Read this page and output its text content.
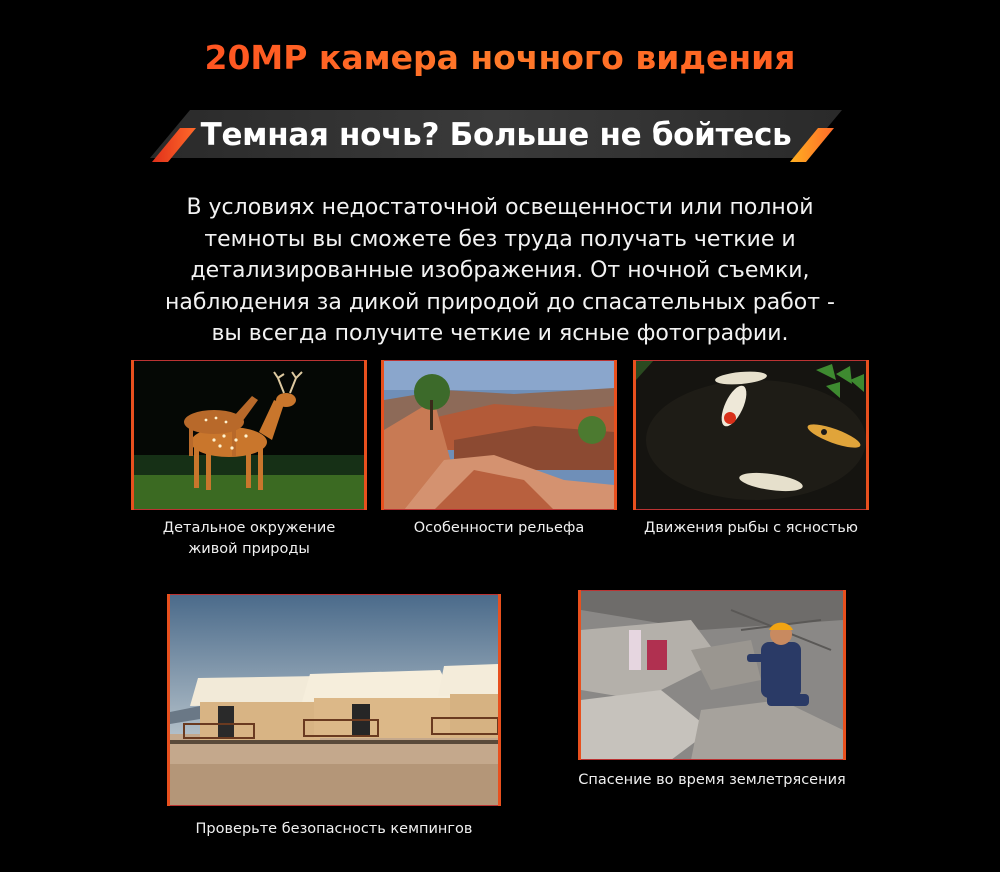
20MP камера ночного видения
Темная ночь? Больше не бойтесь
В условиях недостаточной освещенности или полной
темноты вы сможете без труда получать четкие и
детализированные изображения. От ночной съемки,
наблюдения за дикой природой до спасательных работ -
вы всегда получите четкие и ясные фотографии.
Детальное окружение
живой природы
Особенности рельефа	Движения рыбы с ясностью
Проверьте безопасность кемпингов
Спасение во время землетрясения
